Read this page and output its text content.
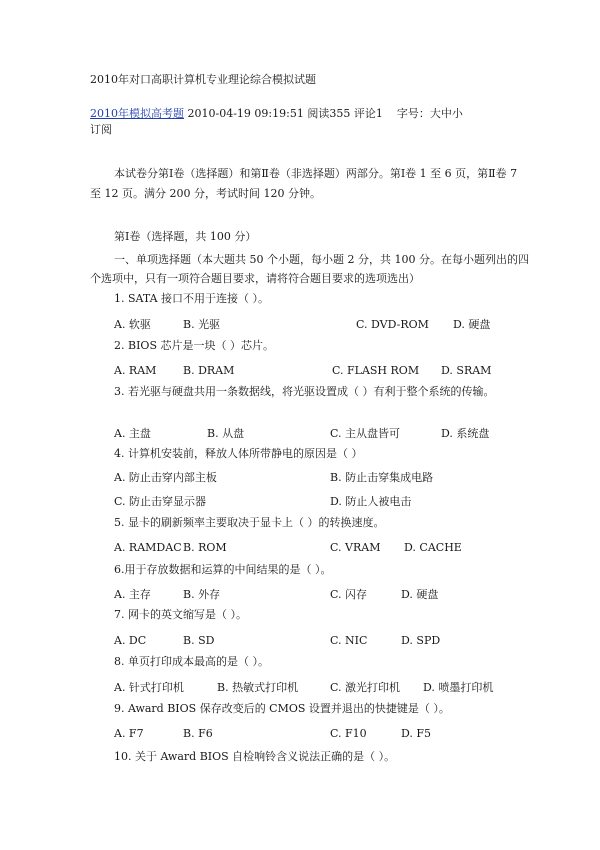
2010年对口高职计算机专业理论综合模拟试题
2010年模拟高考题 2010-04-19 09:19:51 阅读355 评论1 字号：大中小
订阅
本试卷分第Ⅰ卷（选择题）和第Ⅱ卷（非选择题）两部分。第Ⅰ卷 1 至 6 页，第Ⅱ卷 7 至 12 页。满分 200 分，考试时间 120 分钟。
第Ⅰ卷（选择题，共 100 分）
一、单项选择题（本大题共 50 个小题，每小题 2 分，共 100 分。在每小题列出的四个选项中，只有一项符合题目要求，请将符合题目要求的选项选出）
1. SATA 接口不用于连接（ ）。
A. 软驱	B. 光驱	C. DVD-ROM D. 硬盘
2. BIOS 芯片是一块（ ）芯片。
A. RAM B. DRAM	C. FLASH ROM D. SRAM
3. 若光驱与硬盘共用一条数据线，将光驱设置成（ ）有利于整个系统的传输。
A. 主盘	B. 从盘	C. 主从盘皆可	D. 系统盘
4. 计算机安装前，释放人体所带静电的原因是（ ）
A. 防止击穿内部主板	B. 防止击穿集成电路
C. 防止击穿显示器	D. 防止人被电击
5. 显卡的刷新频率主要取决于显卡上（ ）的转换速度。
A. RAMDAC B. ROM	C. VRAM D. CACHE
6.用于存放数据和运算的中间结果的是（ ）。
A. 主存	B. 外存	C. 闪存	D. 硬盘
7. 网卡的英文缩写是（ ）。
A. DC	B. SD	C. NIC	D. SPD
8. 单页打印成本最高的是（ ）。
A. 针式打印机	B. 热敏式打印机	C. 激光打印机 D. 喷墨打印机
9. Award BIOS 保存改变后的 CMOS 设置并退出的快捷键是（ ）。
A. F7	B. F6	C. F10	D. F5
10. 关于 Award BIOS 自检响铃含义说法正确的是（ ）。
